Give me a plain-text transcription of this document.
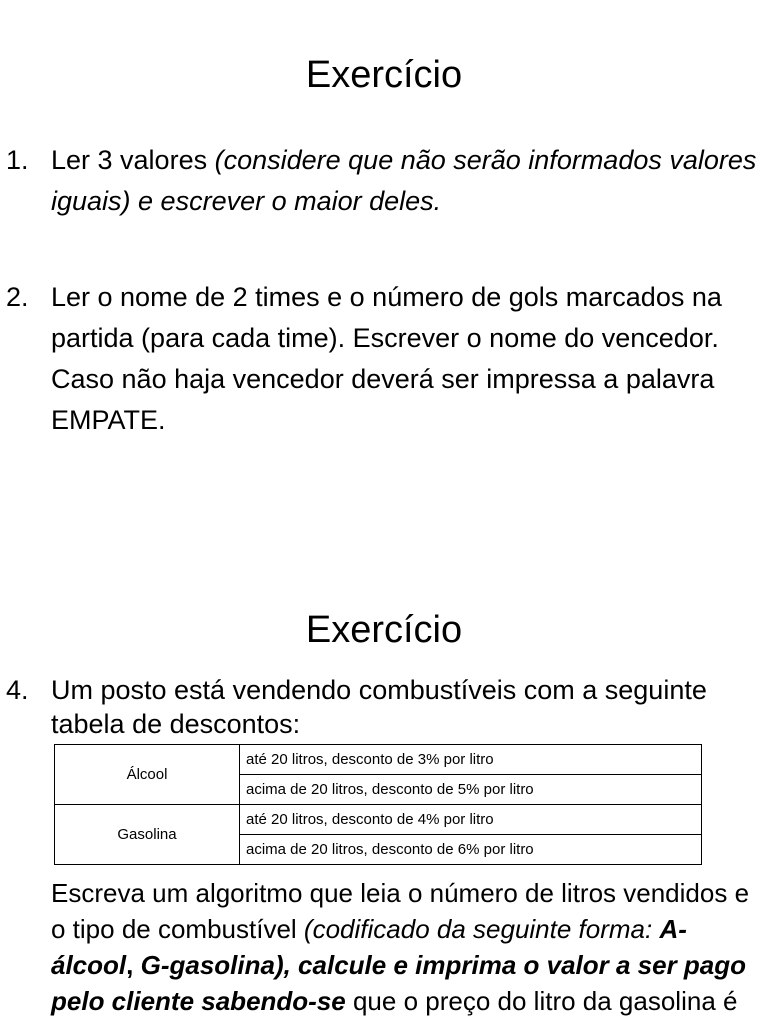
Exercício
1. Ler 3 valores (considere que não serão informados valores iguais) e escrever o maior deles.
2. Ler o nome de 2 times e o número de gols marcados na partida (para cada time). Escrever o nome do vencedor. Caso não haja vencedor deverá ser impressa a palavra EMPATE.
Exercício
4. Um posto está vendendo combustíveis com a seguinte tabela de descontos:
Álcool	até 20 litros, desconto de 3% por litro
	acima de 20 litros, desconto de 5% por litro
Gasolina	até 20 litros, desconto de 4% por litro
	acima de 20 litros, desconto de 6% por litro
Escreva um algoritmo que leia o número de litros vendidos e o tipo de combustível (codificado da seguinte forma: A-álcool, G-gasolina), calcule e imprima o valor a ser pago pelo cliente sabendo-se que o preço do litro da gasolina é
